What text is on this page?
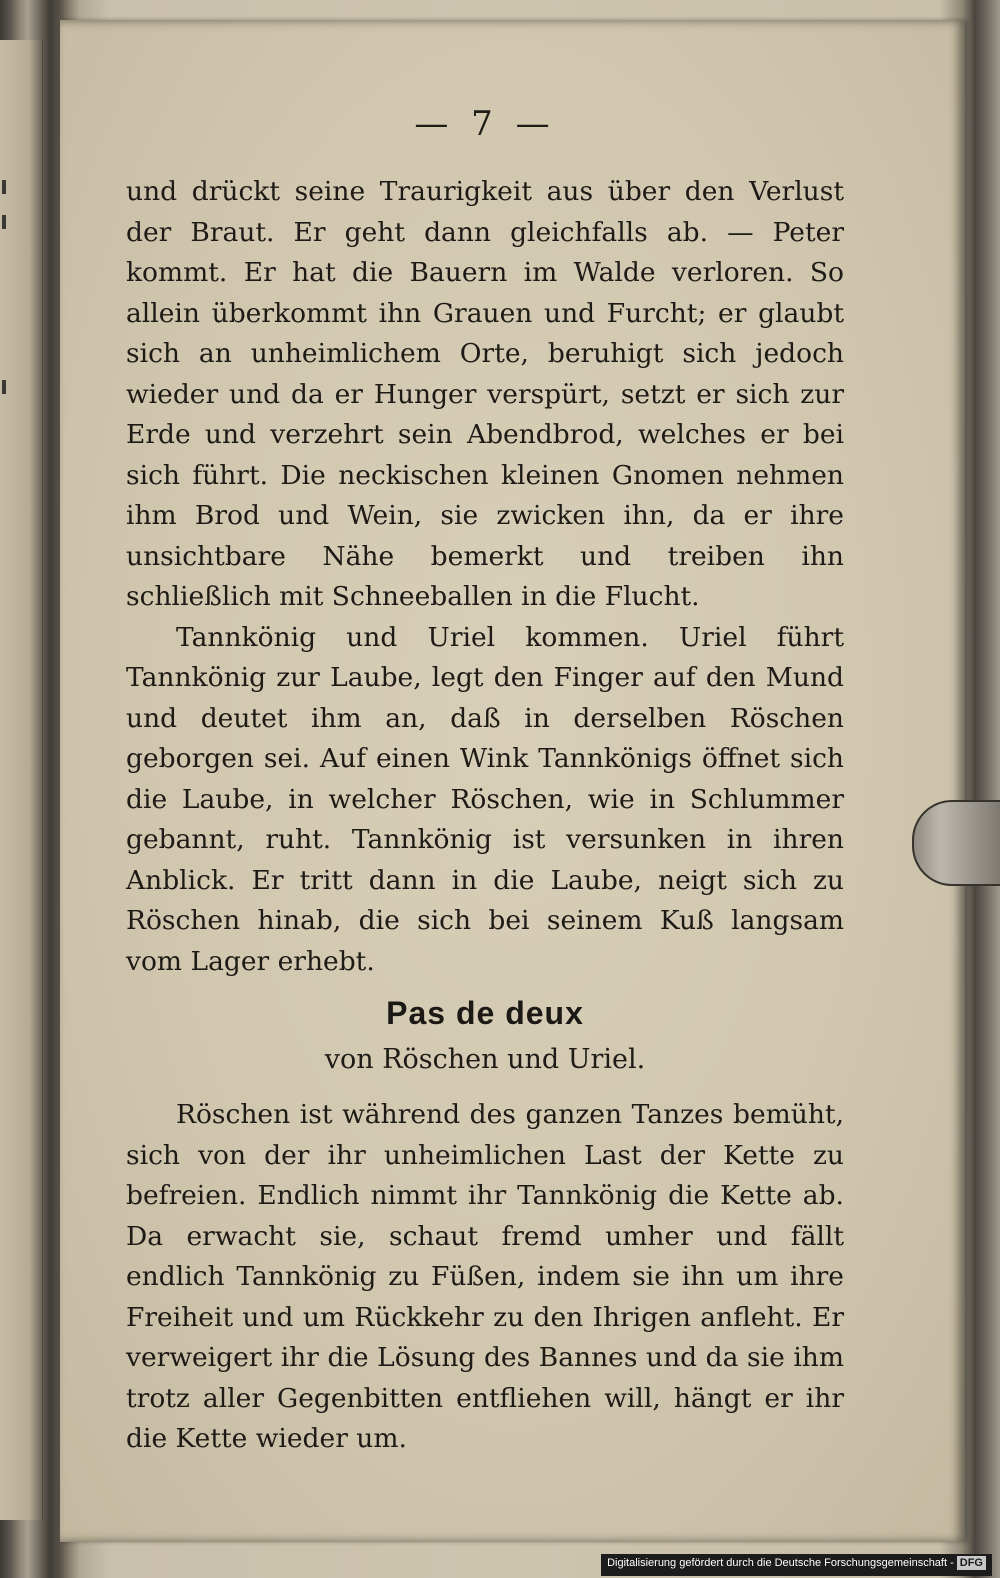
— 7 —

und drückt seine Traurigkeit aus über den Verlust der Braut. Er geht dann gleichfalls ab. — Peter kommt. Er hat die Bauern im Walde verloren. So allein überkommt ihn Grauen und Furcht; er glaubt sich an unheimlichem Orte, beruhigt sich jedoch wieder und da er Hunger verspürt, setzt er sich zur Erde und verzehrt sein Abendbrod, welches er bei sich führt. Die neckischen kleinen Gnomen nehmen ihm Brod und Wein, sie zwicken ihn, da er ihre unsichtbare Nähe bemerkt und treiben ihn schließlich mit Schneeballen in die Flucht.

Tannkönig und Uriel kommen. Uriel führt Tannkönig zur Laube, legt den Finger auf den Mund und deutet ihm an, daß in derselben Röschen geborgen sei. Auf einen Wink Tannkönigs öffnet sich die Laube, in welcher Röschen, wie in Schlummer gebannt, ruht. Tannkönig ist versunken in ihren Anblick. Er tritt dann in die Laube, neigt sich zu Röschen hinab, die sich bei seinem Kuß langsam vom Lager erhebt.

Pas de deux
von Röschen und Uriel.

Röschen ist während des ganzen Tanzes bemüht, sich von der ihr unheimlichen Last der Kette zu befreien. Endlich nimmt ihr Tannkönig die Kette ab. Da erwacht sie, schaut fremd umher und fällt endlich Tannkönig zu Füßen, indem sie ihn um ihre Freiheit und um Rückkehr zu den Ihrigen anfleht. Er verweigert ihr die Lösung des Bannes und da sie ihm trotz aller Gegenbitten entfliehen will, hängt er ihr die Kette wieder um.

Digitalisierung gefördert durch die Deutsche Forschungsgemeinschaft - DFG
